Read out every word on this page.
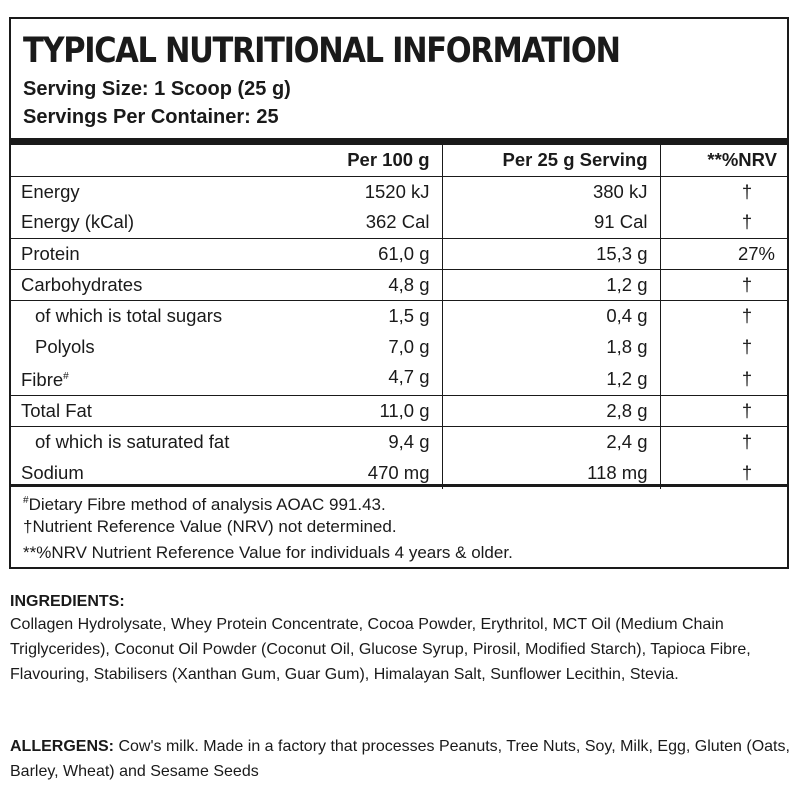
TYPICAL NUTRITIONAL INFORMATION
Serving Size: 1 Scoop (25 g)
Servings Per Container: 25
Per 100 g	Per 25 g Serving	**%NRV

Energy 1520 kJ	380 kJ	†

Energy (kCal) 362 Cal	91 Cal	†

Protein 61,0 g	15,3 g	27%

Carbohydrates 4,8 g	1,2 g	†

of which is total sugars 1,5 g	0,4 g	†

Polyols 7,0 g	1,8 g	†

Fibre# 4,7 g	1,2 g	†

Total Fat 11,0 g	2,8 g	†

of which is saturated fat 9,4 g	2,4 g	†

Sodium 470 mg	118 mg	†
#Dietary Fibre method of analysis AOAC 991.43.
†Nutrient Reference Value (NRV) not determined.
**%NRV Nutrient Reference Value for individuals 4 years & older.
INGREDIENTS:
Collagen Hydrolysate, Whey Protein Concentrate, Cocoa Powder, Erythritol, MCT Oil (Medium Chain Triglycerides), Coconut Oil Powder (Coconut Oil, Glucose Syrup, Pirosil, Modified Starch), Tapioca Fibre, Flavouring, Stabilisers (Xanthan Gum, Guar Gum), Himalayan Salt, Sunflower Lecithin, Stevia.
ALLERGENS: Cow's milk. Made in a factory that processes Peanuts, Tree Nuts, Soy, Milk, Egg, Gluten (Oats, Barley, Wheat) and Sesame Seeds
